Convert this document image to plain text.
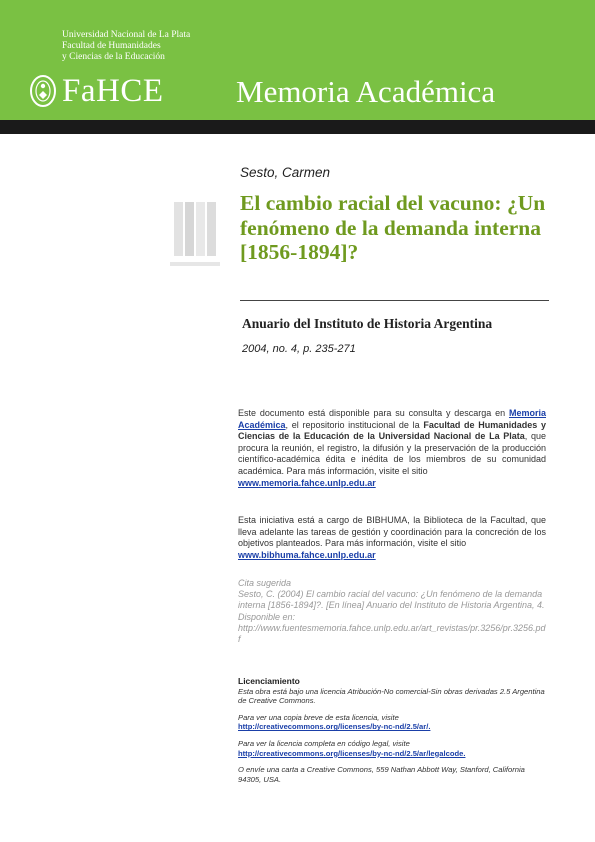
Universidad Nacional de La Plata
Facultad de Humanidades
y Ciencias de la Educación
FaHCE Memoria Académica
Sesto, Carmen
El cambio racial del vacuno: ¿Un fenómeno de la demanda interna [1856-1894]?
Anuario del Instituto de Historia Argentina
2004, no. 4, p. 235-271
Este documento está disponible para su consulta y descarga en Memoria Académica, el repositorio institucional de la Facultad de Humanidades y Ciencias de la Educación de la Universidad Nacional de La Plata, que procura la reunión, el registro, la difusión y la preservación de la producción científico-académica édita e inédita de los miembros de su comunidad académica. Para más información, visite el sitio
www.memoria.fahce.unlp.edu.ar
Esta iniciativa está a cargo de BIBHUMA, la Biblioteca de la Facultad, que lleva adelante las tareas de gestión y coordinación para la concreción de los objetivos planteados. Para más información, visite el sitio
www.bibhuma.fahce.unlp.edu.ar
Cita sugerida
Sesto, C. (2004) El cambio racial del vacuno: ¿Un fenómeno de la demanda interna [1856-1894]?. [En línea] Anuario del Instituto de Historia Argentina, 4. Disponible en:
http://www.fuentesmemoria.fahce.unlp.edu.ar/art_revistas/pr.3256/pr.3256.pdf
Licenciamiento
Esta obra está bajo una licencia Atribución-No comercial-Sin obras derivadas 2.5 Argentina de Creative Commons.
Para ver una copia breve de esta licencia, visite
http://creativecommons.org/licenses/by-nc-nd/2.5/ar/.
Para ver la licencia completa en código legal, visite
http://creativecommons.org/licenses/by-nc-nd/2.5/ar/legalcode.
O envíe una carta a Creative Commons, 559 Nathan Abbott Way, Stanford, California 94305, USA.
